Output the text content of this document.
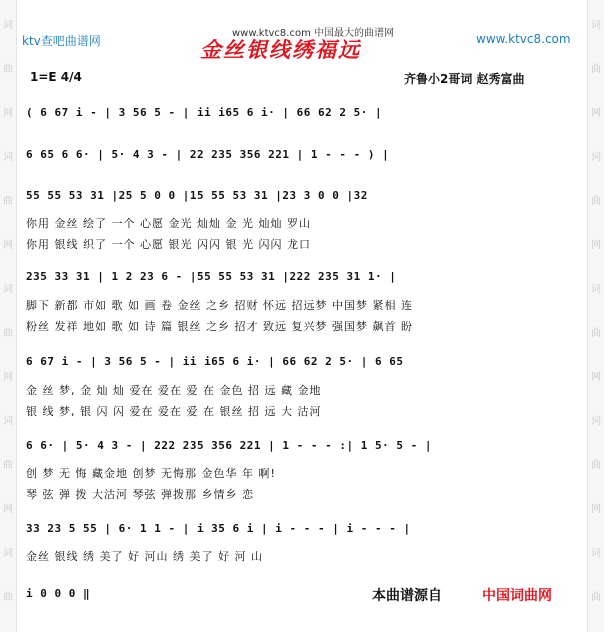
词
曲
网
词
曲
网
词
曲
网
词
曲
网
词
曲
词
曲
网
词
曲
网
词
曲
网
词
曲
网
词
曲
ktv查吧曲谱网
www.ktvc8.com 中国最大的曲谱网
金丝银线绣福远	www.ktvc8.com
1=E 4/4	齐鲁小2哥词 赵秀富曲
( 6 67 i - | 3 56 5 - | ii i65 6 i· | 66 62 2 5· |
6 65 6 6· | 5· 4 3 - | 22 235 356 221 | 1 - - - ) |
55 55 53 31 |25 5 0 0 |15 55 53 31 |23 3 0 0 |32
你用 金丝 绘了 一个 心愿 金光 灿灿 金 光 灿灿 罗山
你用 银线 织了 一个 心愿 银光 闪闪 银 光 闪闪 龙口
235 33 31 | 1 2 23 6 - |55 55 53 31 |222 235 31 1· |
脚下 新都 市如 歌 如 画 卷 金丝 之乡 招财 怀远 招远梦 中国梦 紧相 连
粉丝 发祥 地如 歌 如 诗 篇 银丝 之乡 招才 致远 复兴梦 强国梦 飙首 盼
6 67 i - | 3 56 5 - | ii i65 6 i· | 66 62 2 5· | 6 65
金 丝 梦, 金 灿 灿 爱在 爱在 爱 在 金色 招 远 藏 金地
银 线 梦, 银 闪 闪 爱在 爱在 爱 在 银丝 招 远 大 沽河
6 6· | 5· 4 3 - | 222 235 356 221 | 1 - - - :| 1 5· 5 - |
创 梦 无 悔 藏金地 创梦 无悔那 金色华 年 啊!
琴 弦 弹 拨 大沽河 琴弦 弹拨那 乡情乡 恋
33 23 5 55 | 6· 1 1 - | i 35 6 i | i - - - | i - - - |
金丝 银线 绣 美了 好 河山 绣 美了 好 河 山
i 0 0 0 ‖	本曲谱源自	中国词曲网
